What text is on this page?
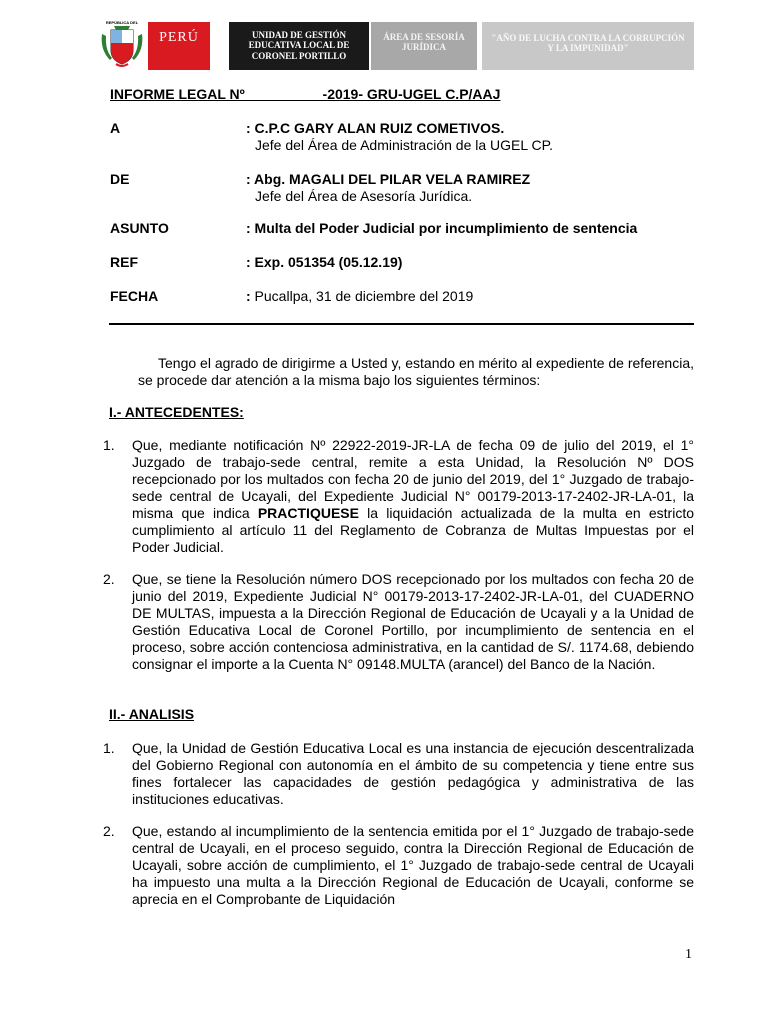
REPÚBLICA DEL
PERÚ	UNIDAD DE GESTIÓN
EDUCATIVA LOCAL DE
CORONEL PORTILLO
ÁREA DE SESORÍA
JURÍDICA
"AÑO DE LUCHA CONTRA LA CORRUPCIÓN
Y LA IMPUNIDAD"
INFORME LEGAL Nº                    -2019- GRU-UGEL C.P/AAJ
A	: C.P.C GARY ALAN RUIZ COMETIVOS.
Jefe del Área de Administración de la UGEL CP.
DE	: Abg. MAGALI DEL PILAR VELA RAMIREZ
Jefe del Área de Asesoría Jurídica.
ASUNTO	: Multa del Poder Judicial por incumplimiento de sentencia
REF	: Exp. 051354 (05.12.19)
FECHA	: Pucallpa, 31 de diciembre del 2019
Tengo el agrado de dirigirme a Usted y, estando en mérito al expediente de referencia, se procede dar atención a la misma bajo los siguientes términos:
I.- ANTECEDENTES:
1. Que, mediante notificación Nº 22922-2019-JR-LA de fecha 09 de julio del 2019, el 1° Juzgado de trabajo-sede central, remite a esta Unidad, la Resolución Nº DOS recepcionado por los multados con fecha 20 de junio del 2019, del 1° Juzgado de trabajo-sede central de Ucayali, del Expediente Judicial N° 00179-2013-17-2402-JR-LA-01, la misma que indica PRACTIQUESE la liquidación actualizada de la multa en estricto cumplimiento al artículo 11 del Reglamento de Cobranza de Multas Impuestas por el Poder Judicial.
2. Que, se tiene la Resolución número DOS recepcionado por los multados con fecha 20 de junio del 2019, Expediente Judicial N° 00179-2013-17-2402-JR-LA-01, del CUADERNO DE MULTAS, impuesta a la Dirección Regional de Educación de Ucayali y a la Unidad de Gestión Educativa Local de Coronel Portillo, por incumplimiento de sentencia en el proceso, sobre acción contenciosa administrativa, en la cantidad de S/. 1174.68, debiendo consignar el importe a la Cuenta N° 09148.MULTA (arancel) del Banco de la Nación.
II.- ANALISIS
1. Que, la Unidad de Gestión Educativa Local es una instancia de ejecución descentralizada del Gobierno Regional con autonomía en el ámbito de su competencia y tiene entre sus fines fortalecer las capacidades de gestión pedagógica y administrativa de las instituciones educativas.
2. Que, estando al incumplimiento de la sentencia emitida por el 1° Juzgado de trabajo-sede central de Ucayali, en el proceso seguido, contra la Dirección Regional de Educación de Ucayali, sobre acción de cumplimiento, el 1° Juzgado de trabajo-sede central de Ucayali ha impuesto una multa a la Dirección Regional de Educación de Ucayali, conforme se aprecia en el Comprobante de Liquidación
1
